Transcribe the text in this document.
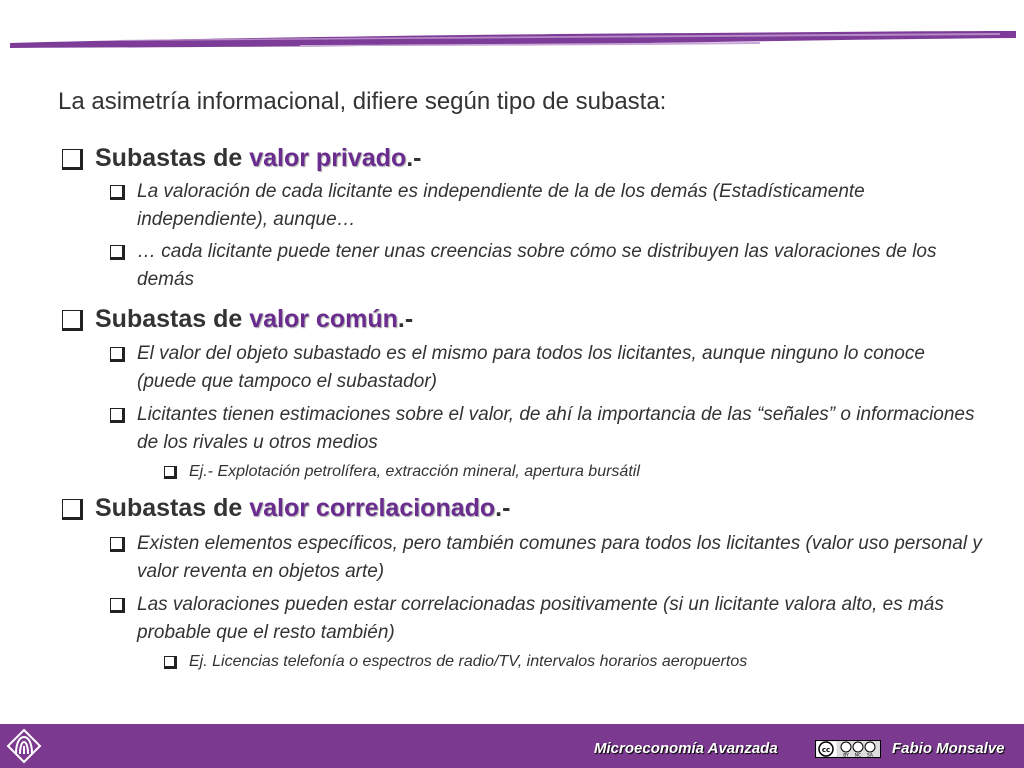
La asimetría informacional, difiere según tipo de subasta:
Subastas de valor privado.-
La valoración de cada licitante es independiente de la de los demás (Estadísticamente independiente), aunque…
… cada licitante puede tener unas creencias sobre cómo se distribuyen las valoraciones de los demás
Subastas de valor común.-
El valor del objeto subastado es el mismo para todos los licitantes, aunque ninguno lo conoce (puede que tampoco el subastador)
Licitantes tienen estimaciones sobre el valor, de ahí la importancia de las “señales” o informaciones de los rivales u otros medios
Ej.- Explotación petrolífera, extracción mineral, apertura bursátil
Subastas de valor correlacionado.-
Existen elementos específicos, pero también comunes para todos los licitantes (valor uso personal y valor reventa en objetos arte)
Las valoraciones pueden estar correlacionadas positivamente (si un licitante valora alto, es más probable que el resto también)
Ej. Licencias telefonía o espectros de radio/TV, intervalos horarios aeropuertos
Microeconomía Avanzada	cc
BY NC SA Fabio Monsalve
